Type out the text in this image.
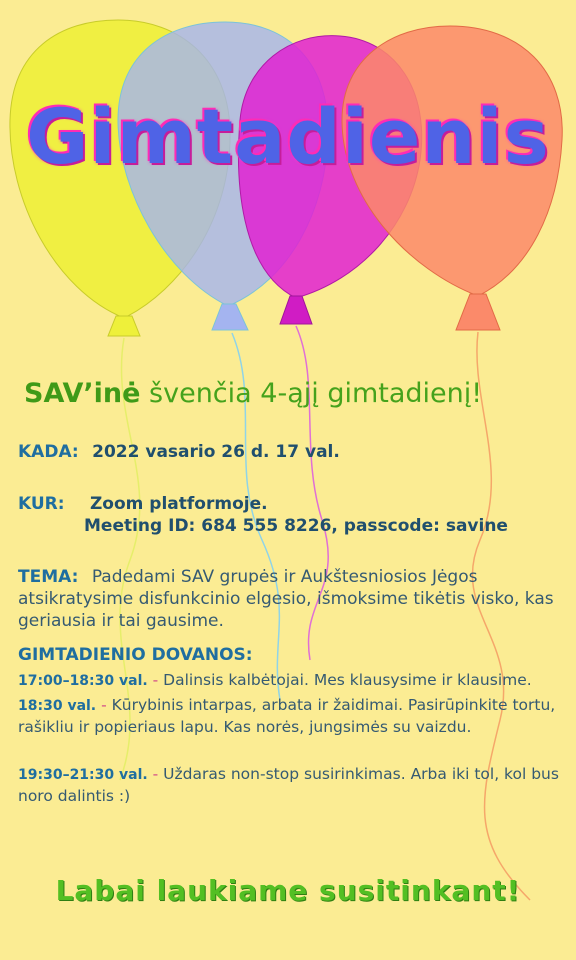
Gimtadienis
SAV’inė švenčia 4-ąjį gimtadienį!
KADA: 2022 vasario 26 d. 17 val.
KUR: Zoom platformoje.
Meeting ID: 684 555 8226, passcode: savine
TEMA: Padedami SAV grupės ir Aukštesniosios Jėgos atsikratysime disfunkcinio elgesio, išmoksime tikėtis visko, kas geriausia ir tai gausime.
GIMTADIENIO DOVANOS:
17:00–18:30 val. - Dalinsis kalbėtojai. Mes klausysime ir klausime.
18:30 val. - Kūrybinis intarpas, arbata ir žaidimai. Pasirūpinkite tortu, rašikliu ir popieriaus lapu. Kas norės, jungsimės su vaizdu.
19:30–21:30 val. - Uždaras non-stop susirinkimas. Arba iki tol, kol bus noro dalintis :)
Labai laukiame susitinkant!
